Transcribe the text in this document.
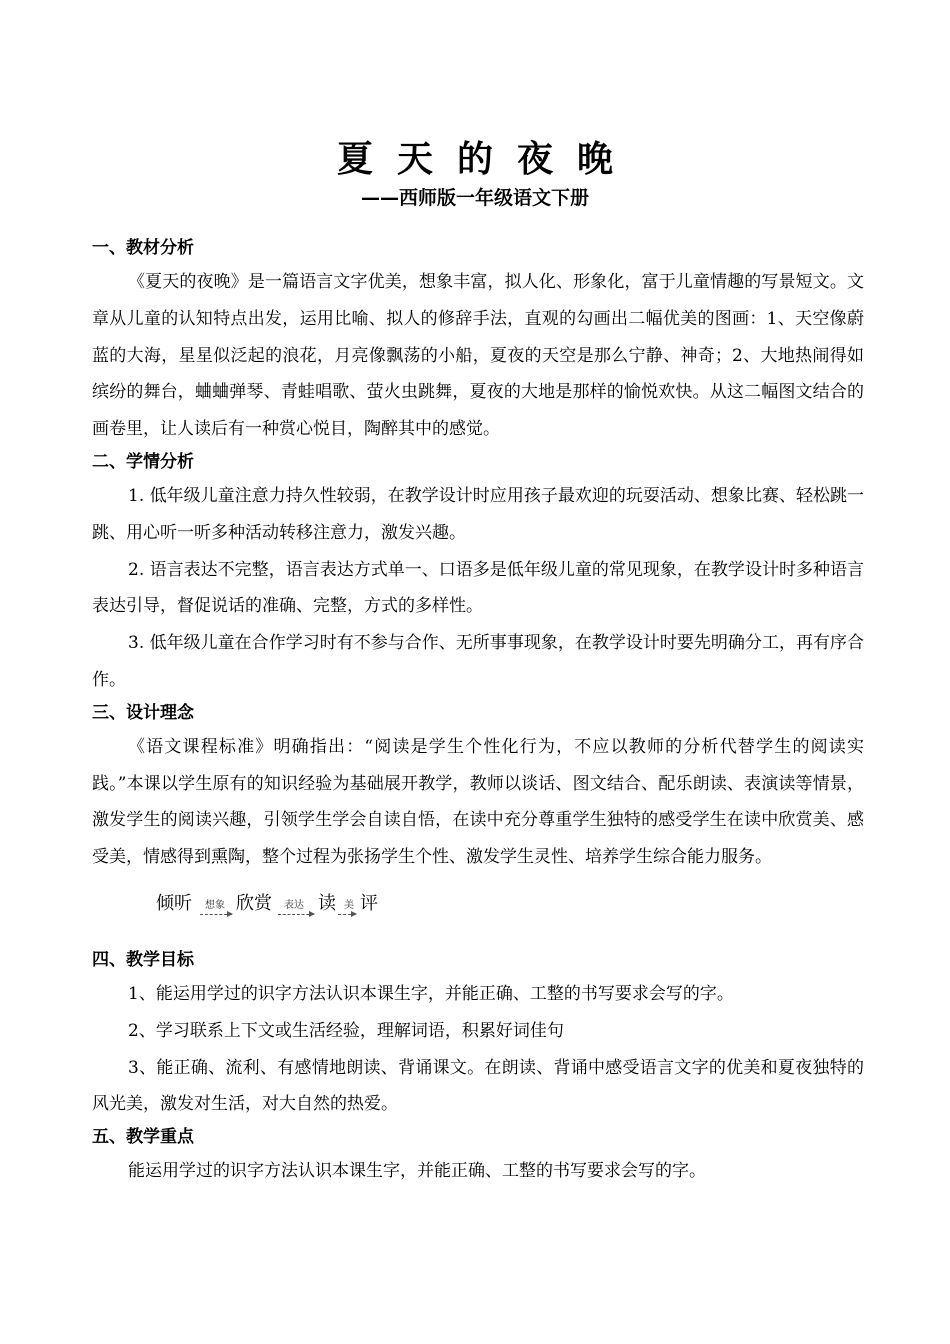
夏天的夜晚
——西师版一年级语文下册
一、教材分析

《夏天的夜晚》是一篇语言文字优美，想象丰富，拟人化、形象化，富于儿童情趣的写景短文。文章从儿童的认知特点出发，运用比喻、拟人的修辞手法，直观的勾画出二幅优美的图画：1、天空像蔚蓝的大海，星星似泛起的浪花，月亮像飘荡的小船，夏夜的天空是那么宁静、神奇；2、大地热闹得如缤纷的舞台，蛐蛐弹琴、青蛙唱歌、萤火虫跳舞，夏夜的大地是那样的愉悦欢快。从这二幅图文结合的画卷里，让人读后有一种赏心悦目，陶醉其中的感觉。

二、学情分析

1. 低年级儿童注意力持久性较弱，在教学设计时应用孩子最欢迎的玩耍活动、想象比赛、轻松跳一跳、用心听一听多种活动转移注意力，激发兴趣。

2. 语言表达不完整，语言表达方式单一、口语多是低年级儿童的常见现象，在教学设计时多种语言表达引导，督促说话的准确、完整，方式的多样性。

3. 低年级儿童在合作学习时有不参与合作、无所事事现象，在教学设计时要先明确分工，再有序合作。

三、设计理念

《语文课程标准》明确指出：“阅读是学生个性化行为，不应以教师的分析代替学生的阅读实践。”本课以学生原有的知识经验为基础展开教学，教师以谈话、图文结合、配乐朗读、表演读等情景，激发学生的阅读兴趣，引领学生学会自读自悟，在读中充分尊重学生独特的感受学生在读中欣赏美、感受美，情感得到熏陶，整个过程为张扬学生个性、激发学生灵性、培养学生综合能力服务。

倾听 想象 欣赏 表达 读 美 评
四、教学目标

1、能运用学过的识字方法认识本课生字，并能正确、工整的书写要求会写的字。

2、学习联系上下文或生活经验，理解词语，积累好词佳句

3、能正确、流利、有感情地朗读、背诵课文。在朗读、背诵中感受语言文字的优美和夏夜独特的风光美，激发对生活，对大自然的热爱。

五、教学重点

能运用学过的识字方法认识本课生字，并能正确、工整的书写要求会写的字。
